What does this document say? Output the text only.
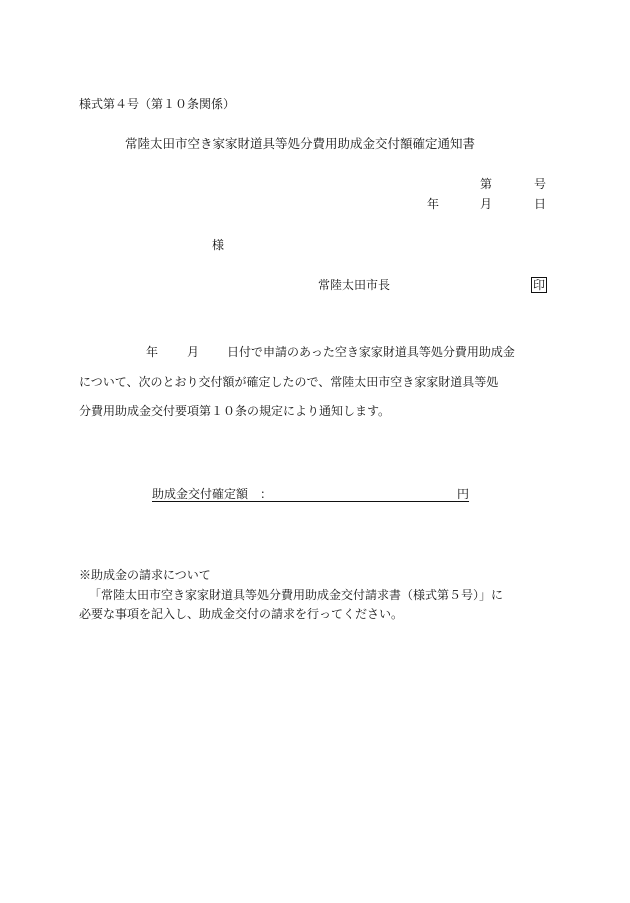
様式第４号（第１０条関係）
常陸太田市空き家家財道具等処分費用助成金交付額確定通知書
第	号
年	月	日
様
常陸太田市長	印
年 月 日付で申請のあった空き家家財道具等処分費用助成金
について、次のとおり交付額が確定したので、常陸太田市空き家家財道具等処
分費用助成金交付要項第１０条の規定により通知します。
助成金交付確定額　：	円
※助成金の請求について
「常陸太田市空き家家財道具等処分費用助成金交付請求書（様式第５号）」に
必要な事項を記入し、助成金交付の請求を行ってください。
